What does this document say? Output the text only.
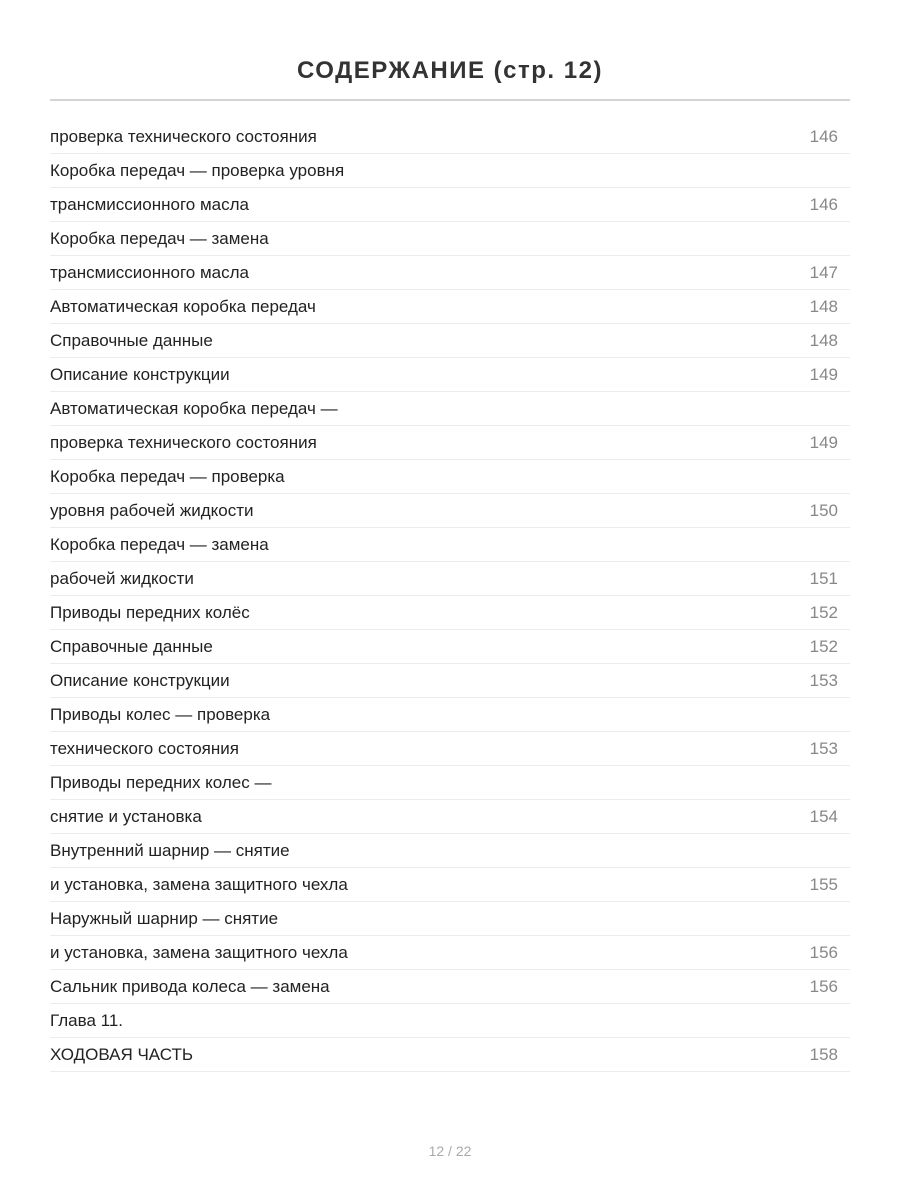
СОДЕРЖАНИЕ (стр. 12)
проверка технического состояния	146
Коробка передач — проверка уровня
трансмиссионного масла	146
Коробка передач — замена
трансмиссионного масла	147
Автоматическая коробка передач	148
Справочные данные	148
Описание конструкции	149
Автоматическая коробка передач —
проверка технического состояния	149
Коробка передач — проверка
уровня рабочей жидкости	150
Коробка передач — замена
рабочей жидкости	151
Приводы передних колёс	152
Справочные данные	152
Описание конструкции	153
Приводы колес — проверка
технического состояния	153
Приводы передних колес —
снятие и установка	154
Внутренний шарнир — снятие
и установка, замена защитного чехла	155
Наружный шарнир — снятие
и установка, замена защитного чехла	156
Сальник привода колеса — замена	156
Глава 11.
ХОДОВАЯ ЧАСТЬ	158
12 / 22
